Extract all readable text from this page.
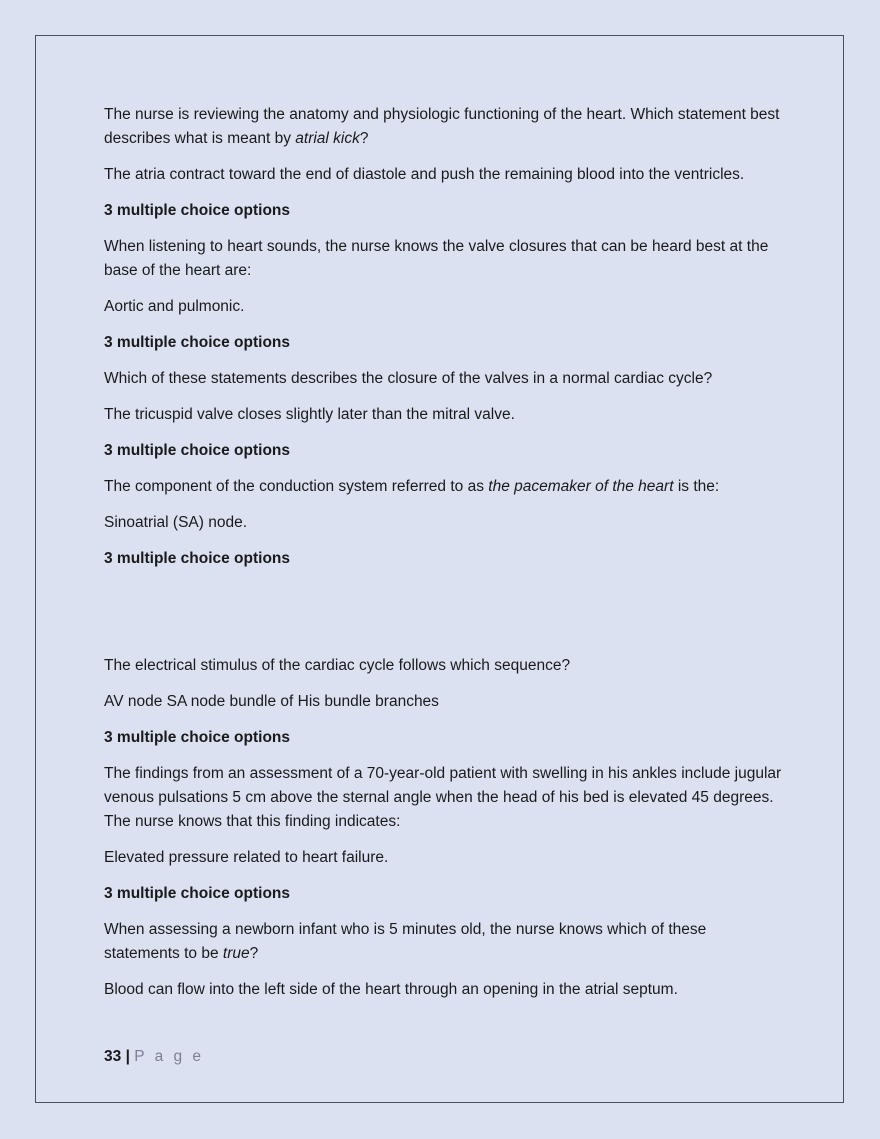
The nurse is reviewing the anatomy and physiologic functioning of the heart. Which statement best describes what is meant by atrial kick?

The atria contract toward the end of diastole and push the remaining blood into the ventricles.

3 multiple choice options

When listening to heart sounds, the nurse knows the valve closures that can be heard best at the base of the heart are:

Aortic and pulmonic.

3 multiple choice options

Which of these statements describes the closure of the valves in a normal cardiac cycle?

The tricuspid valve closes slightly later than the mitral valve.

3 multiple choice options

The component of the conduction system referred to as the pacemaker of the heart is the:

Sinoatrial (SA) node.

3 multiple choice options

The electrical stimulus of the cardiac cycle follows which sequence?

AV node SA node bundle of His bundle branches

3 multiple choice options

The findings from an assessment of a 70-year-old patient with swelling in his ankles include jugular venous pulsations 5 cm above the sternal angle when the head of his bed is elevated 45 degrees. The nurse knows that this finding indicates:

Elevated pressure related to heart failure.

3 multiple choice options

When assessing a newborn infant who is 5 minutes old, the nurse knows which of these statements to be true?

Blood can flow into the left side of the heart through an opening in the atrial septum.

33 | P a g e
